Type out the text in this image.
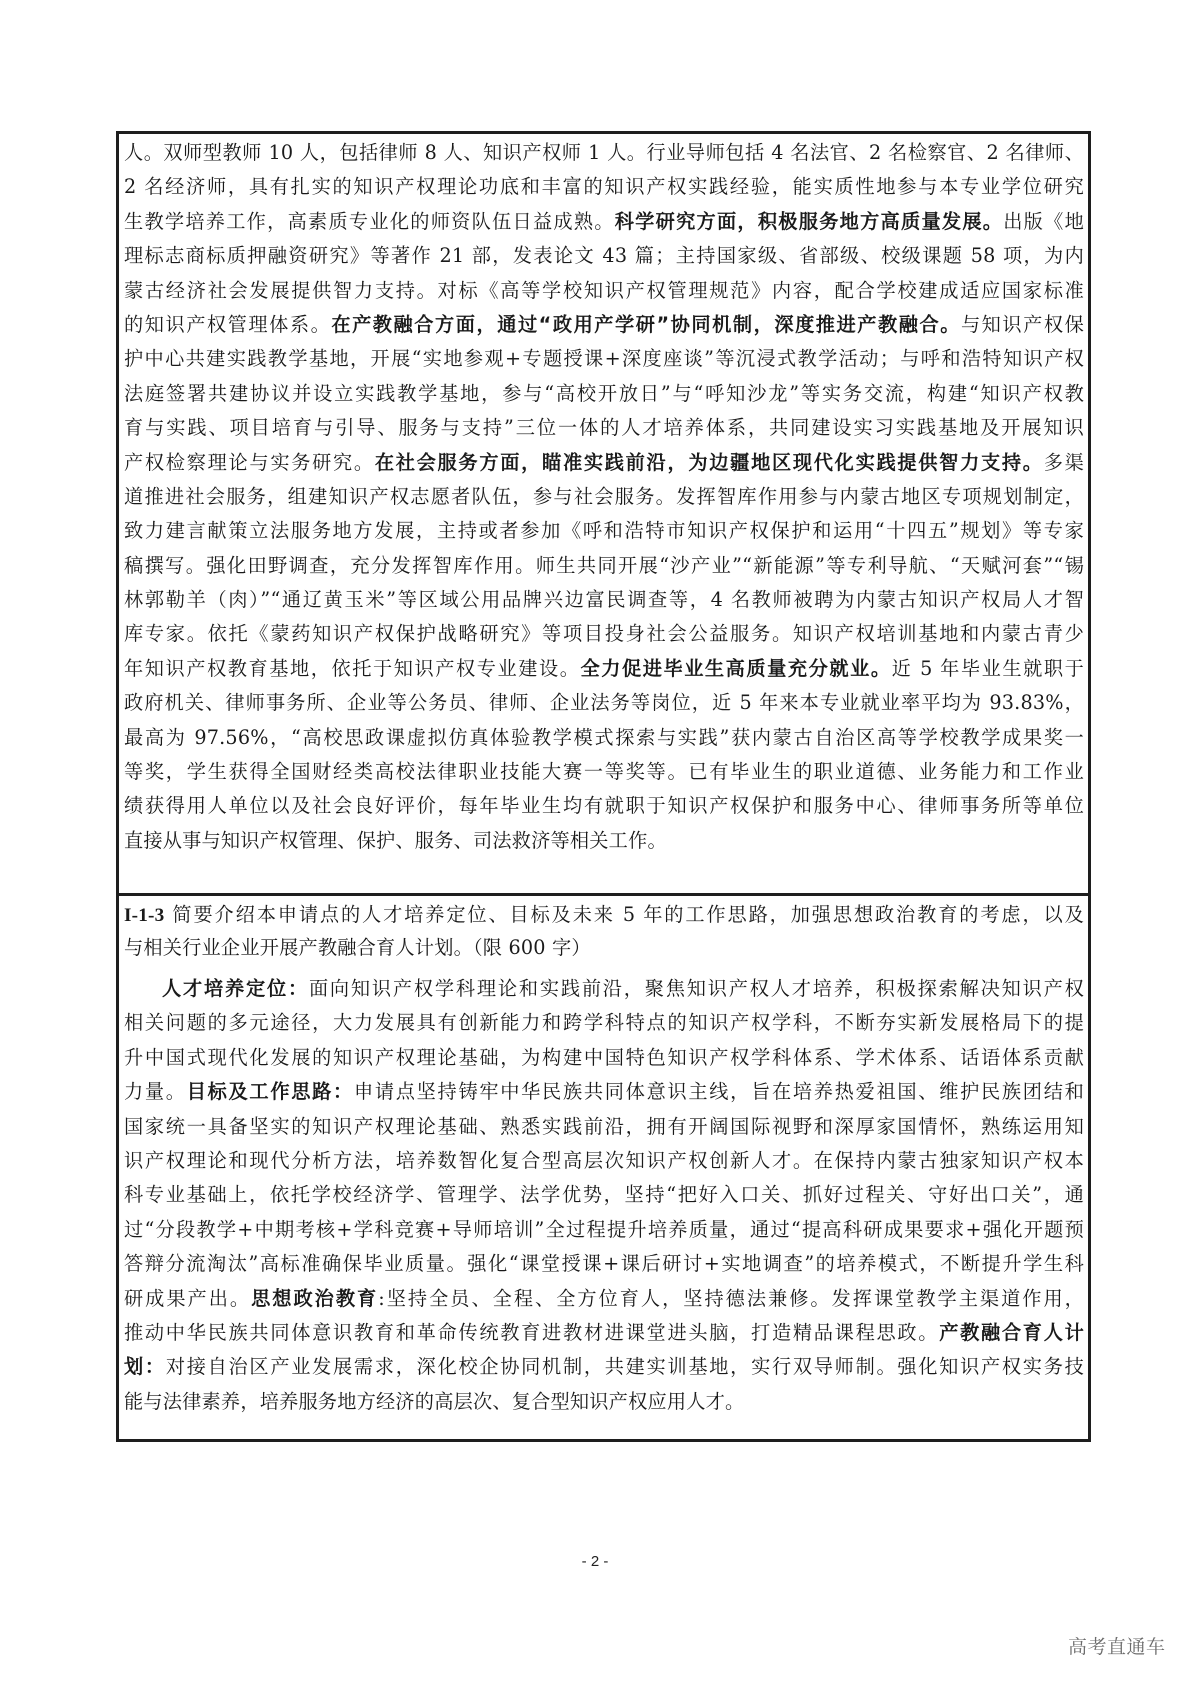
人。双师型教师 10 人，包括律师 8 人、知识产权师 1 人。行业导师包括 4 名法官、2 名检察官、2 名律师、
2 名经济师，具有扎实的知识产权理论功底和丰富的知识产权实践经验，能实质性地参与本专业学位研究
生教学培养工作，高素质专业化的师资队伍日益成熟。科学研究方面，积极服务地方高质量发展。出版《地
理标志商标质押融资研究》等著作 21 部，发表论文 43 篇；主持国家级、省部级、校级课题 58 项，为内
蒙古经济社会发展提供智力支持。对标《高等学校知识产权管理规范》内容，配合学校建成适应国家标准
的知识产权管理体系。在产教融合方面，通过“政用产学研”协同机制，深度推进产教融合。与知识产权保
护中心共建实践教学基地，开展“实地参观+专题授课+深度座谈”等沉浸式教学活动；与呼和浩特知识产权
法庭签署共建协议并设立实践教学基地，参与“高校开放日”与“呼知沙龙”等实务交流，构建“知识产权教
育与实践、项目培育与引导、服务与支持”三位一体的人才培养体系，共同建设实习实践基地及开展知识
产权检察理论与实务研究。在社会服务方面，瞄准实践前沿，为边疆地区现代化实践提供智力支持。多渠
道推进社会服务，组建知识产权志愿者队伍，参与社会服务。发挥智库作用参与内蒙古地区专项规划制定，
致力建言献策立法服务地方发展，主持或者参加《呼和浩特市知识产权保护和运用“十四五”规划》等专家
稿撰写。强化田野调查，充分发挥智库作用。师生共同开展“沙产业”“新能源”等专利导航、“天赋河套”“锡
林郭勒羊（肉）”“通辽黄玉米”等区域公用品牌兴边富民调查等，4 名教师被聘为内蒙古知识产权局人才智
库专家。依托《蒙药知识产权保护战略研究》等项目投身社会公益服务。知识产权培训基地和内蒙古青少
年知识产权教育基地，依托于知识产权专业建设。全力促进毕业生高质量充分就业。近 5 年毕业生就职于
政府机关、律师事务所、企业等公务员、律师、企业法务等岗位，近 5 年来本专业就业率平均为 93.83%，
最高为 97.56%，“高校思政课虚拟仿真体验教学模式探索与实践”获内蒙古自治区高等学校教学成果奖一
等奖，学生获得全国财经类高校法律职业技能大赛一等奖等。已有毕业生的职业道德、业务能力和工作业
绩获得用人单位以及社会良好评价，每年毕业生均有就职于知识产权保护和服务中心、律师事务所等单位
直接从事与知识产权管理、保护、服务、司法救济等相关工作。
I-1-3 简要介绍本申请点的人才培养定位、目标及未来 5 年的工作思路，加强思想政治教育的考虑，以及
与相关行业企业开展产教融合育人计划。（限 600 字）
人才培养定位：面向知识产权学科理论和实践前沿，聚焦知识产权人才培养，积极探索解决知识产权
相关问题的多元途径，大力发展具有创新能力和跨学科特点的知识产权学科，不断夯实新发展格局下的提
升中国式现代化发展的知识产权理论基础，为构建中国特色知识产权学科体系、学术体系、话语体系贡献
力量。目标及工作思路：申请点坚持铸牢中华民族共同体意识主线，旨在培养热爱祖国、维护民族团结和
国家统一具备坚实的知识产权理论基础、熟悉实践前沿，拥有开阔国际视野和深厚家国情怀，熟练运用知
识产权理论和现代分析方法，培养数智化复合型高层次知识产权创新人才。在保持内蒙古独家知识产权本
科专业基础上，依托学校经济学、管理学、法学优势，坚持“把好入口关、抓好过程关、守好出口关”，通
过“分段教学+中期考核+学科竞赛+导师培训”全过程提升培养质量，通过“提高科研成果要求+强化开题预
答辩分流淘汰”高标准确保毕业质量。强化“课堂授课+课后研讨+实地调查”的培养模式，不断提升学生科
研成果产出。思想政治教育:坚持全员、全程、全方位育人，坚持德法兼修。发挥课堂教学主渠道作用，
推动中华民族共同体意识教育和革命传统教育进教材进课堂进头脑，打造精品课程思政。产教融合育人计
划：对接自治区产业发展需求，深化校企协同机制，共建实训基地，实行双导师制。强化知识产权实务技
能与法律素养，培养服务地方经济的高层次、复合型知识产权应用人才。
- 2 -
高考直通车
